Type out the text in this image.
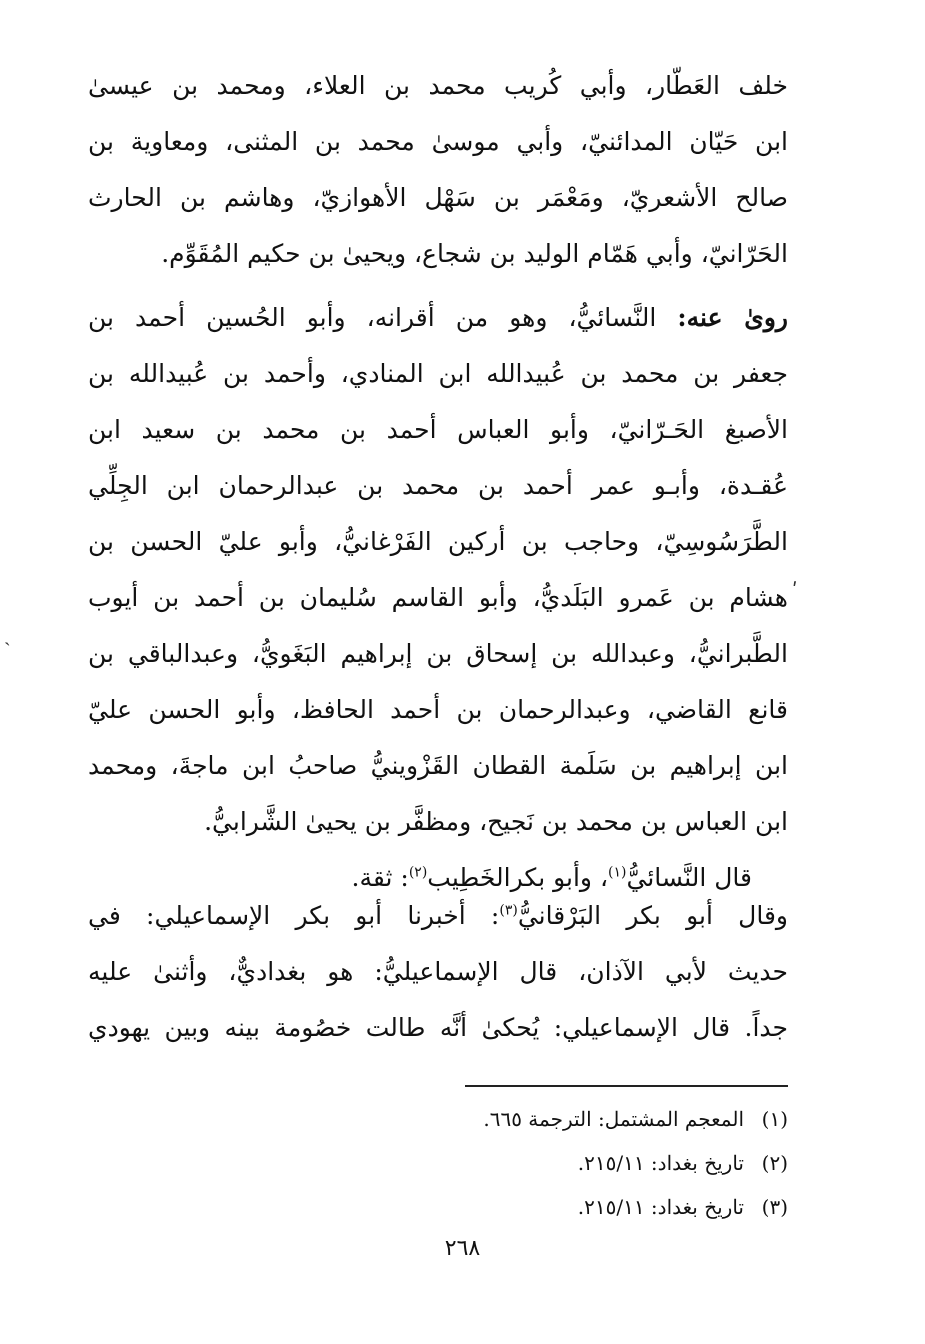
خلف العَطّار، وأبي كُريب محمد بن العلاء، ومحمد بن عيسىٰ
ابن حَيّان المدائنيّ، وأبي موسىٰ محمد بن المثنى، ومعاوية بن
صالح الأشعريّ، ومَعْمَر بن سَهْل الأهوازيّ، وهاشم بن الحارث
الحَرّانيّ، وأبي هَمّام الوليد بن شجاع، ويحيىٰ بن حكيم المُقَوِّم.
روىٰ عنه: النَّسائيُّ، وهو من أقرانه، وأبو الحُسين أحمد بن
جعفر بن محمد بن عُبيدالله ابن المنادي، وأحمد بن عُبيدالله بن
الأصبغ الحَـرّانيّ، وأبو العباس أحمد بن محمد بن سعيد ابن
عُقـدة، وأبـو عمر أحمد بن محمد بن عبدالرحمان ابن الجِلِّي
الطَّرَسُوسِيّ، وحاجب بن أركين الفَرْغانيُّ، وأبو عليّ الحسن بن
هشام بن عَمرو البَلَديُّ، وأبو القاسم سُليمان بن أحمد بن أيوب
الطَّبرانيُّ، وعبدالله بن إسحاق بن إبراهيم البَغَويُّ، وعبدالباقي بن
قانع القاضي، وعبدالرحمان بن أحمد الحافظ، وأبو الحسن عليّ
ابن إبراهيم بن سَلَمة القطان القَزْوينيُّ صاحبُ ابن ماجةَ، ومحمد
ابن العباس بن محمد بن نَجيح، ومظفَّر بن يحيىٰ الشَّرابيُّ.
قال النَّسائيُّ$^{(١)}$، وأبو بكرالخَطِيب$^{(٢)}$: ثقة.
وقال أبو بكر البَرْقانيُّ$^{(٣)}$: أخبرنا أبو بكر الإسماعيلي: في
حديث لأبي الآذان، قال الإسماعيليُّ: هو بغداديٌّ، وأثنىٰ عليه
جداً. قال الإسماعيلي: يُحكىٰ أنَّه طالت خصُومة بينه وبين يهودي
(١)المعجم المشتمل: الترجمة ٦٦٥.
(٢)تاريخ بغداد: ٢١٥/١١.
(٣)تاريخ بغداد: ٢١٥/١١.
٢٦٨
ʹ
ˏ
